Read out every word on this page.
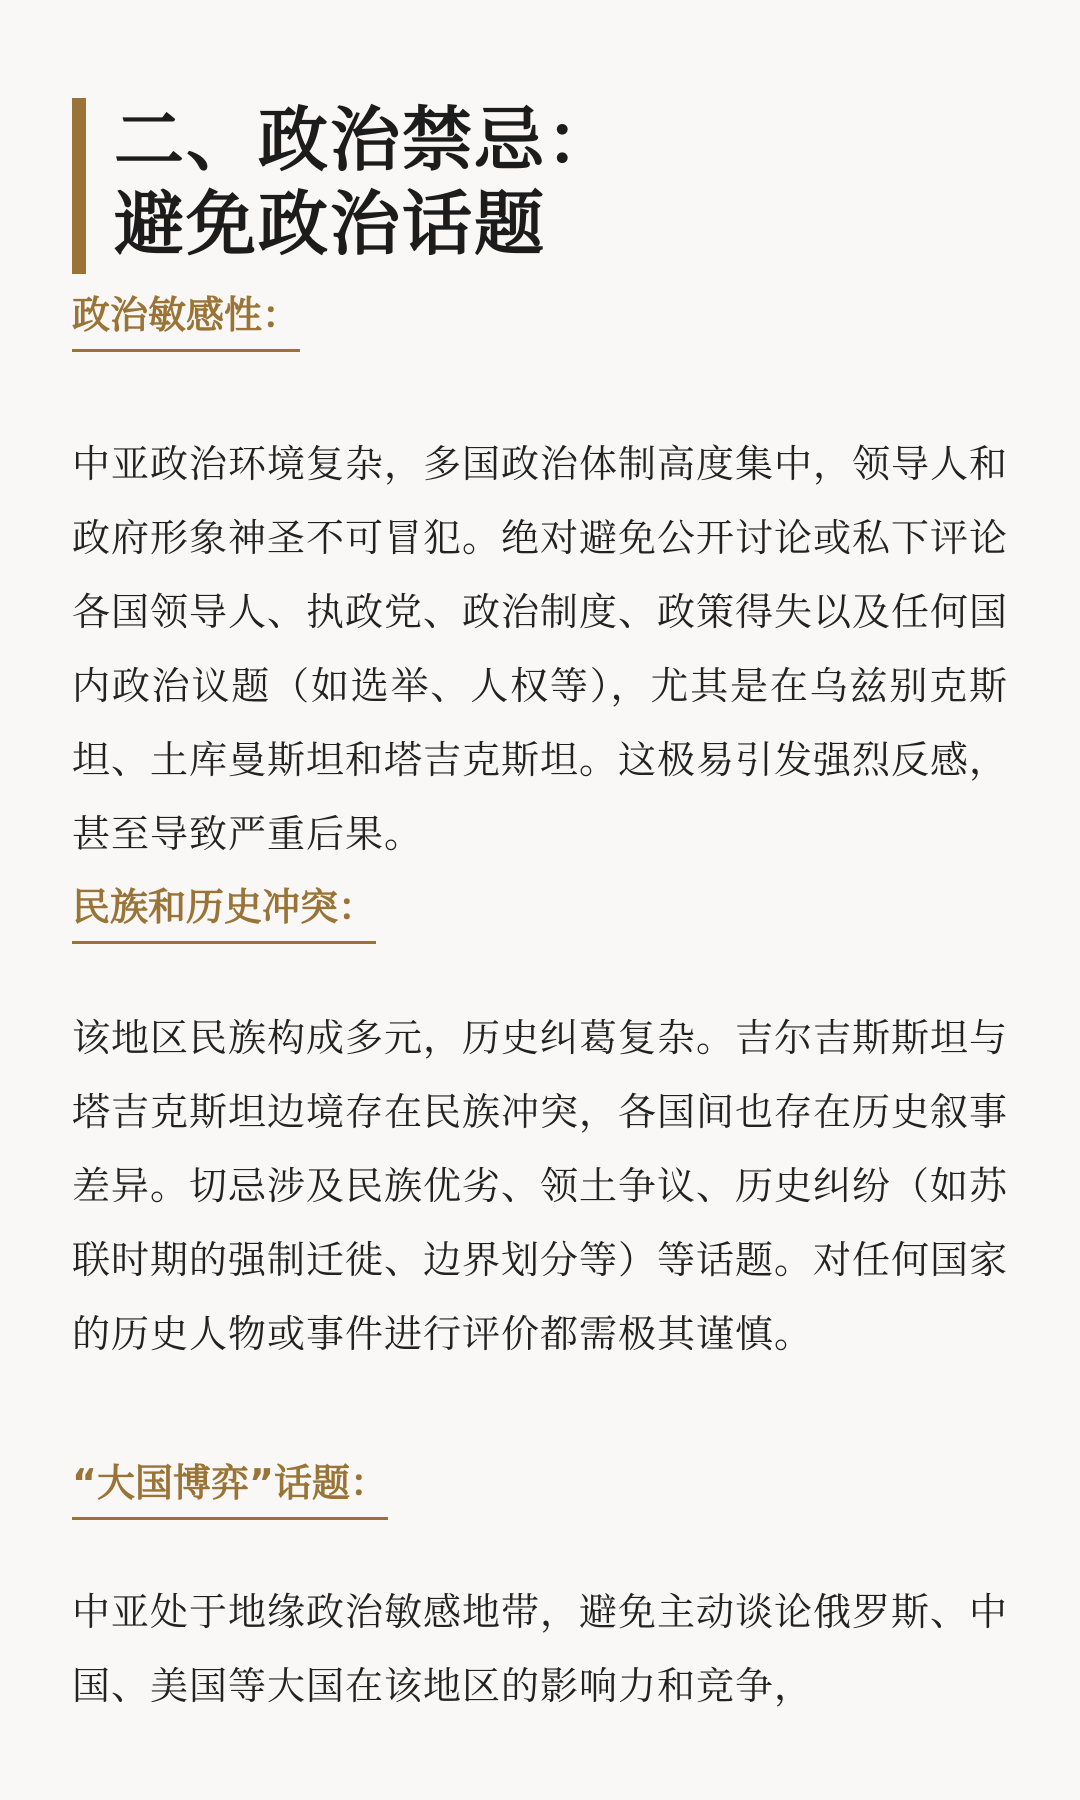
二、政治禁忌：
避免政治话题
政治敏感性：

中亚政治环境复杂，多国政治体制高度集中，领导人和政府形象神圣不可冒犯。绝对避免公开讨论或私下评论各国领导人、执政党、政治制度、政策得失以及任何国内政治议题（如选举、人权等），尤其是在乌兹别克斯坦、土库曼斯坦和塔吉克斯坦。这极易引发强烈反感，甚至导致严重后果。

民族和历史冲突：

该地区民族构成多元，历史纠葛复杂。吉尔吉斯斯坦与塔吉克斯坦边境存在民族冲突，各国间也存在历史叙事差异。切忌涉及民族优劣、领土争议、历史纠纷（如苏联时期的强制迁徙、边界划分等）等话题。对任何国家的历史人物或事件进行评价都需极其谨慎。

“大国博弈”话题：

中亚处于地缘政治敏感地带，避免主动谈论俄罗斯、中国、美国等大国在该地区的影响力和竞争，
